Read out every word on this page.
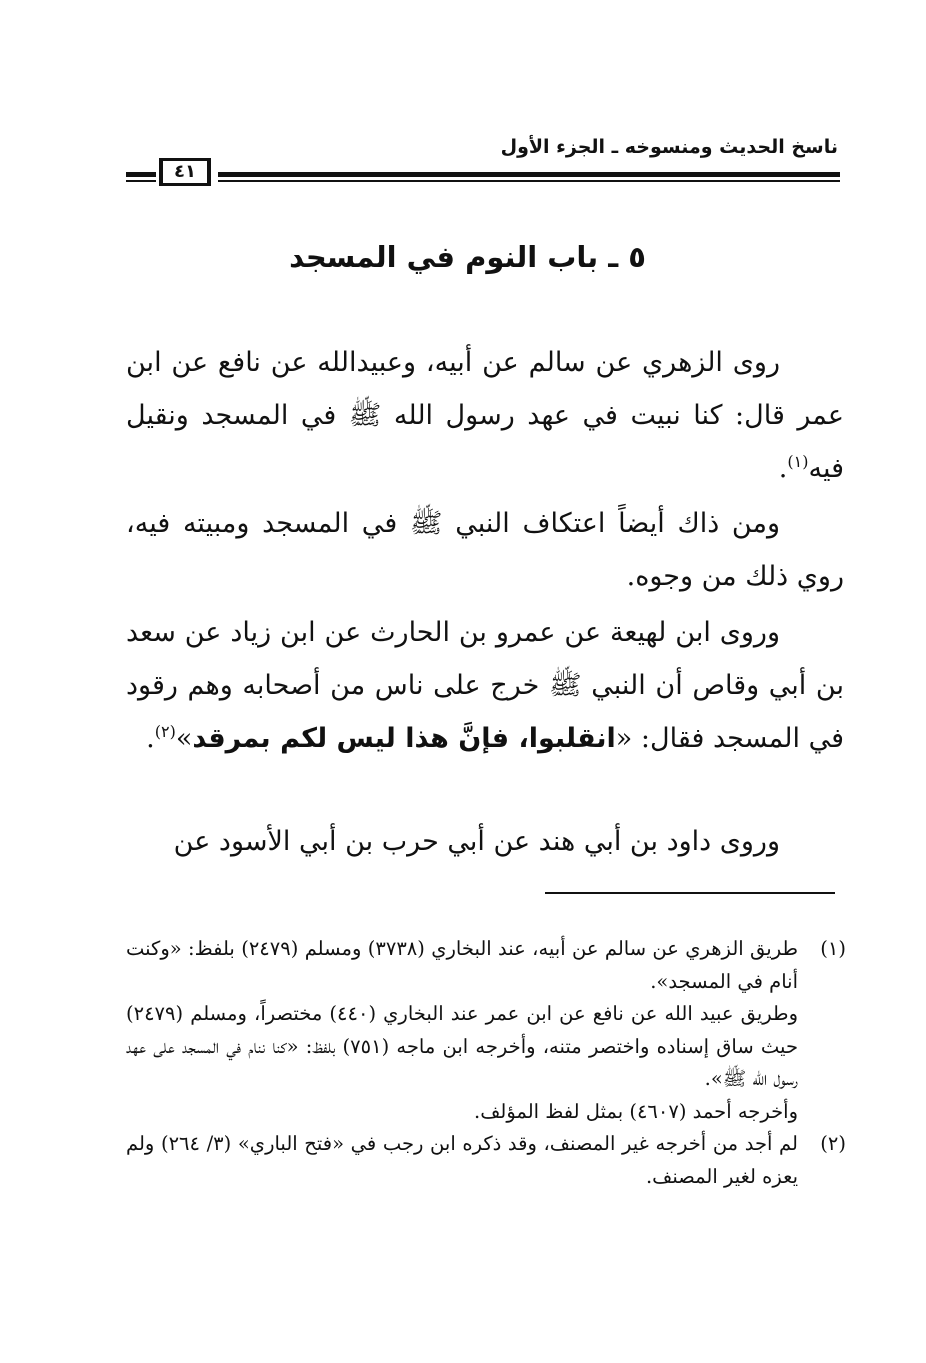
ناسخ الحديث ومنسوخه ـ الجزء الأول
٤١
٥ ـ باب النوم في المسجد
روى الزهري عن سالم عن أبيه، وعبيدالله عن نافع عن ابن عمر قال: كنا نبيت في عهد رسول الله ﷺ في المسجد ونقيل فيه$^{(١)}$.
ومن ذاك أيضاً اعتكاف النبي ﷺ في المسجد ومبيته فيه، روي ذلك من وجوه.
وروى ابن لهيعة عن عمرو بن الحارث عن ابن زياد عن سعد بن أبي وقاص أن النبي ﷺ خرج على ناس من أصحابه وهم رقود في المسجد فقال: «انقلبوا، فإنَّ هذا ليس لكم بمرقد»$^{(٢)}$.
وروى داود بن أبي هند عن أبي حرب بن أبي الأسود عن
(١)
طريق الزهري عن سالم عن أبيه، عند البخاري (٣٧٣٨) ومسلم (٢٤٧٩) بلفظ: «وكنت أنام في المسجد».
وطريق عبيد الله عن نافع عن ابن عمر عند البخاري (٤٤٠) مختصراً، ومسلم (٢٤٧٩) حيث ساق إسناده واختصر متنه، وأخرجه ابن ماجه (٧٥١) بلفظ: «كنا ننام في المسجد على عهد رسول الله ﷺ».
وأخرجه أحمد (٤٦٠٧) بمثل لفظ المؤلف.
(٢)
لم أجد من أخرجه غير المصنف، وقد ذكره ابن رجب في «فتح الباري» (٣/ ٢٦٤) ولم يعزه لغير المصنف.
